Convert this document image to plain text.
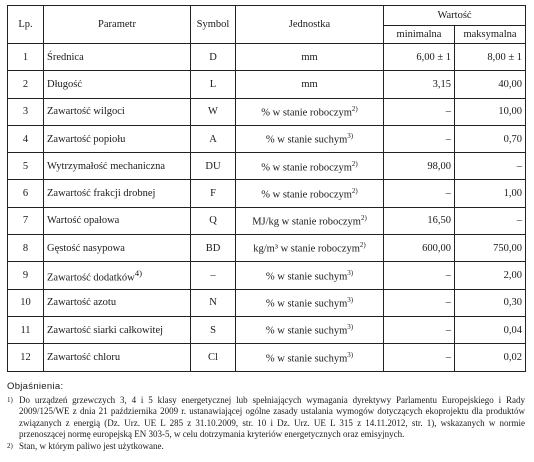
Lp.	Parametr	Symbol	Jednostka	Wartość	
				minimalna	maksymalna
1	Średnica	D	mm	6,00 ± 1	8,00 ± 1
2	Długość	L	mm	3,15	40,00
3	Zawartość wilgoci	W	% w stanie roboczym$^{2)}$	–	10,00
4	Zawartość popiołu	A	% w stanie suchym$^{3)}$	–	0,70
5	Wytrzymałość mechaniczna	DU	% w stanie roboczym$^{2)}$	98,00	–
6	Zawartość frakcji drobnej	F	% w stanie roboczym$^{2)}$	–	1,00
7	Wartość opałowa	Q	MJ/kg w stanie roboczym$^{2)}$	16,50	–
8	Gęstość nasypowa	BD	kg/m³ w stanie roboczym$^{2)}$	600,00	750,00
9	Zawartość dodatków$^{4)}$	–	% w stanie suchym$^{3)}$	–	2,00
10	Zawartość azotu	N	% w stanie suchym$^{3)}$	–	0,30
11	Zawartość siarki całkowitej	S	% w stanie suchym$^{3)}$	–	0,04
12	Zawartość chloru	Cl	% w stanie suchym$^{3)}$	–	0,02
Objaśnienia:
1) Do urządzeń grzewczych 3, 4 i 5 klasy energetycznej lub spełniających wymagania dyrektywy Parlamentu Europejskiego i Rady 2009/125/WE z dnia 21 października 2009 r. ustanawiającej ogólne zasady ustalania wymogów dotyczących ekoprojektu dla produktów związanych z energią (Dz. Urz. UE L 285 z 31.10.2009, str. 10 i Dz. Urz. UE L 315 z 14.11.2012, str. 1), wskazanych w normie przenoszącej normę europejską EN 303-5, w celu dotrzymania kryteriów energetycznych oraz emisyjnych.
2) Stan, w którym paliwo jest użytkowane.
